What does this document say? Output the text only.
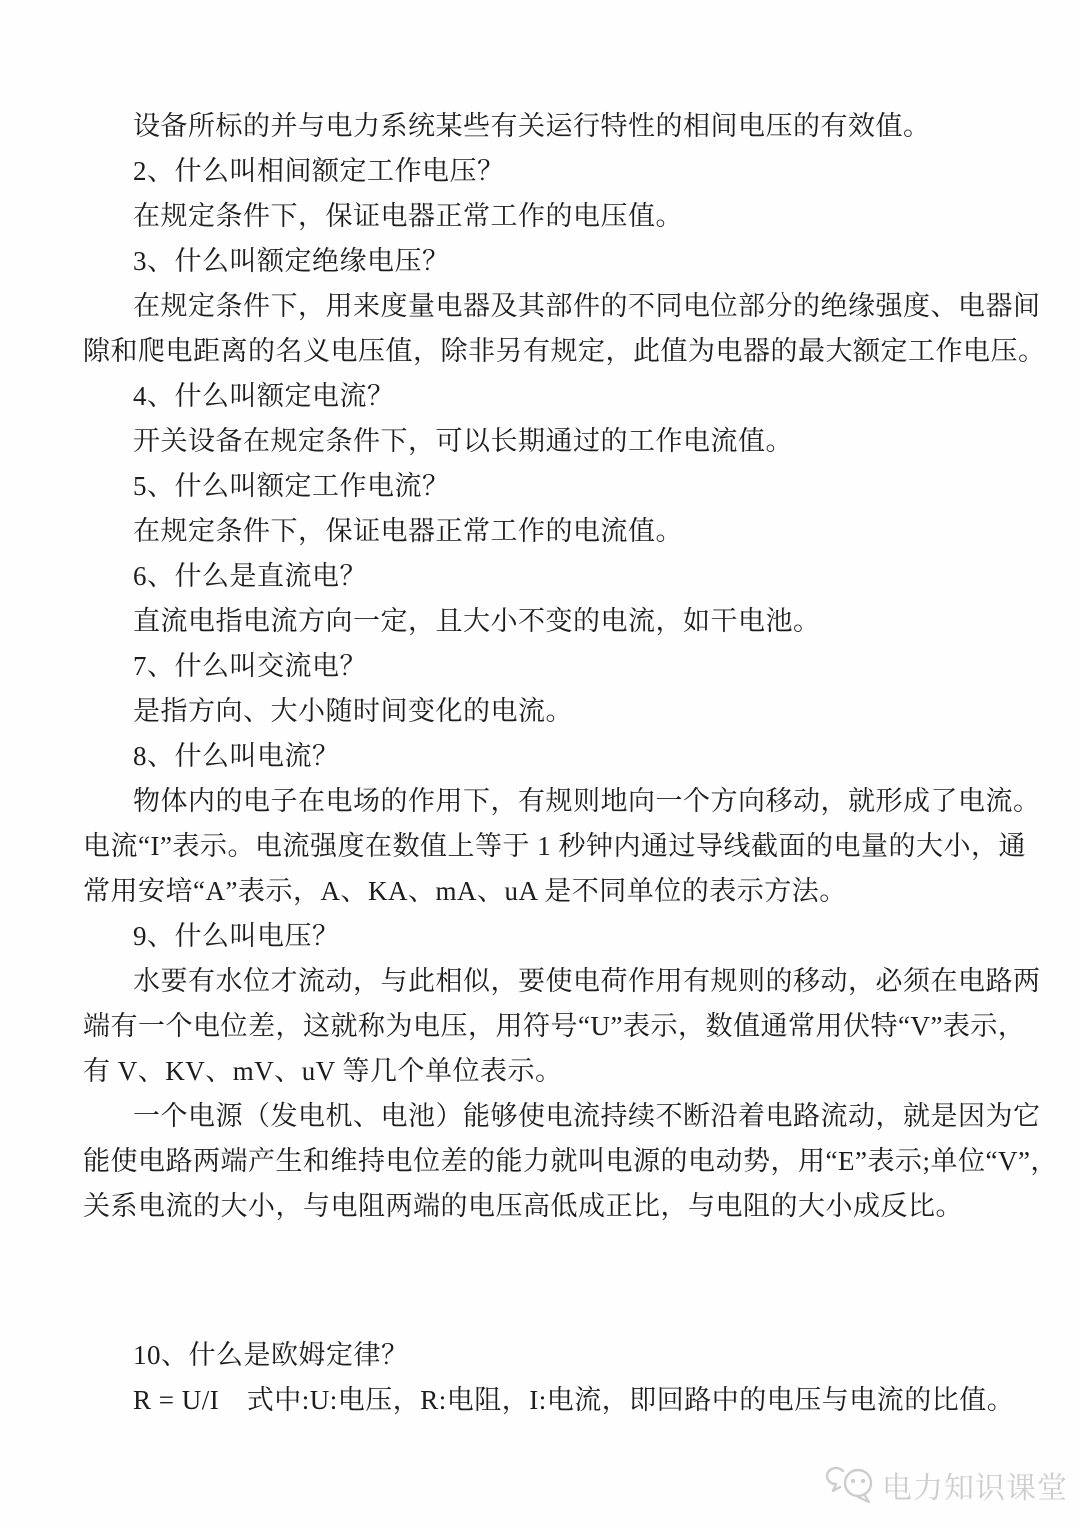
设备所标的并与电力系统某些有关运行特性的相间电压的有效值。
2、什么叫相间额定工作电压？
在规定条件下，保证电器正常工作的电压值。
3、什么叫额定绝缘电压？
在规定条件下，用来度量电器及其部件的不同电位部分的绝缘强度、电器间
隙和爬电距离的名义电压值，除非另有规定，此值为电器的最大额定工作电压。
4、什么叫额定电流？
开关设备在规定条件下，可以长期通过的工作电流值。
5、什么叫额定工作电流？
在规定条件下，保证电器正常工作的电流值。
6、什么是直流电？
直流电指电流方向一定，且大小不变的电流，如干电池。
7、什么叫交流电？
是指方向、大小随时间变化的电流。
8、什么叫电流？
物体内的电子在电场的作用下，有规则地向一个方向移动，就形成了电流。
电流“I”表示。电流强度在数值上等于 1 秒钟内通过导线截面的电量的大小，通
常用安培“A”表示，A、KA、mA、uA 是不同单位的表示方法。
9、什么叫电压？
水要有水位才流动，与此相似，要使电荷作用有规则的移动，必须在电路两
端有一个电位差，这就称为电压，用符号“U”表示，数值通常用伏特“V”表示，
有 V、KV、mV、uV 等几个单位表示。
一个电源（发电机、电池）能够使电流持续不断沿着电路流动，就是因为它
能使电路两端产生和维持电位差的能力就叫电源的电动势，用“E”表示;单位“V”，
关系电流的大小，与电阻两端的电压高低成正比，与电阻的大小成反比。
10、什么是欧姆定律？
R = U/I　式中:U:电压，R:电阻，I:电流，即回路中的电压与电流的比值。
电力知识课堂
